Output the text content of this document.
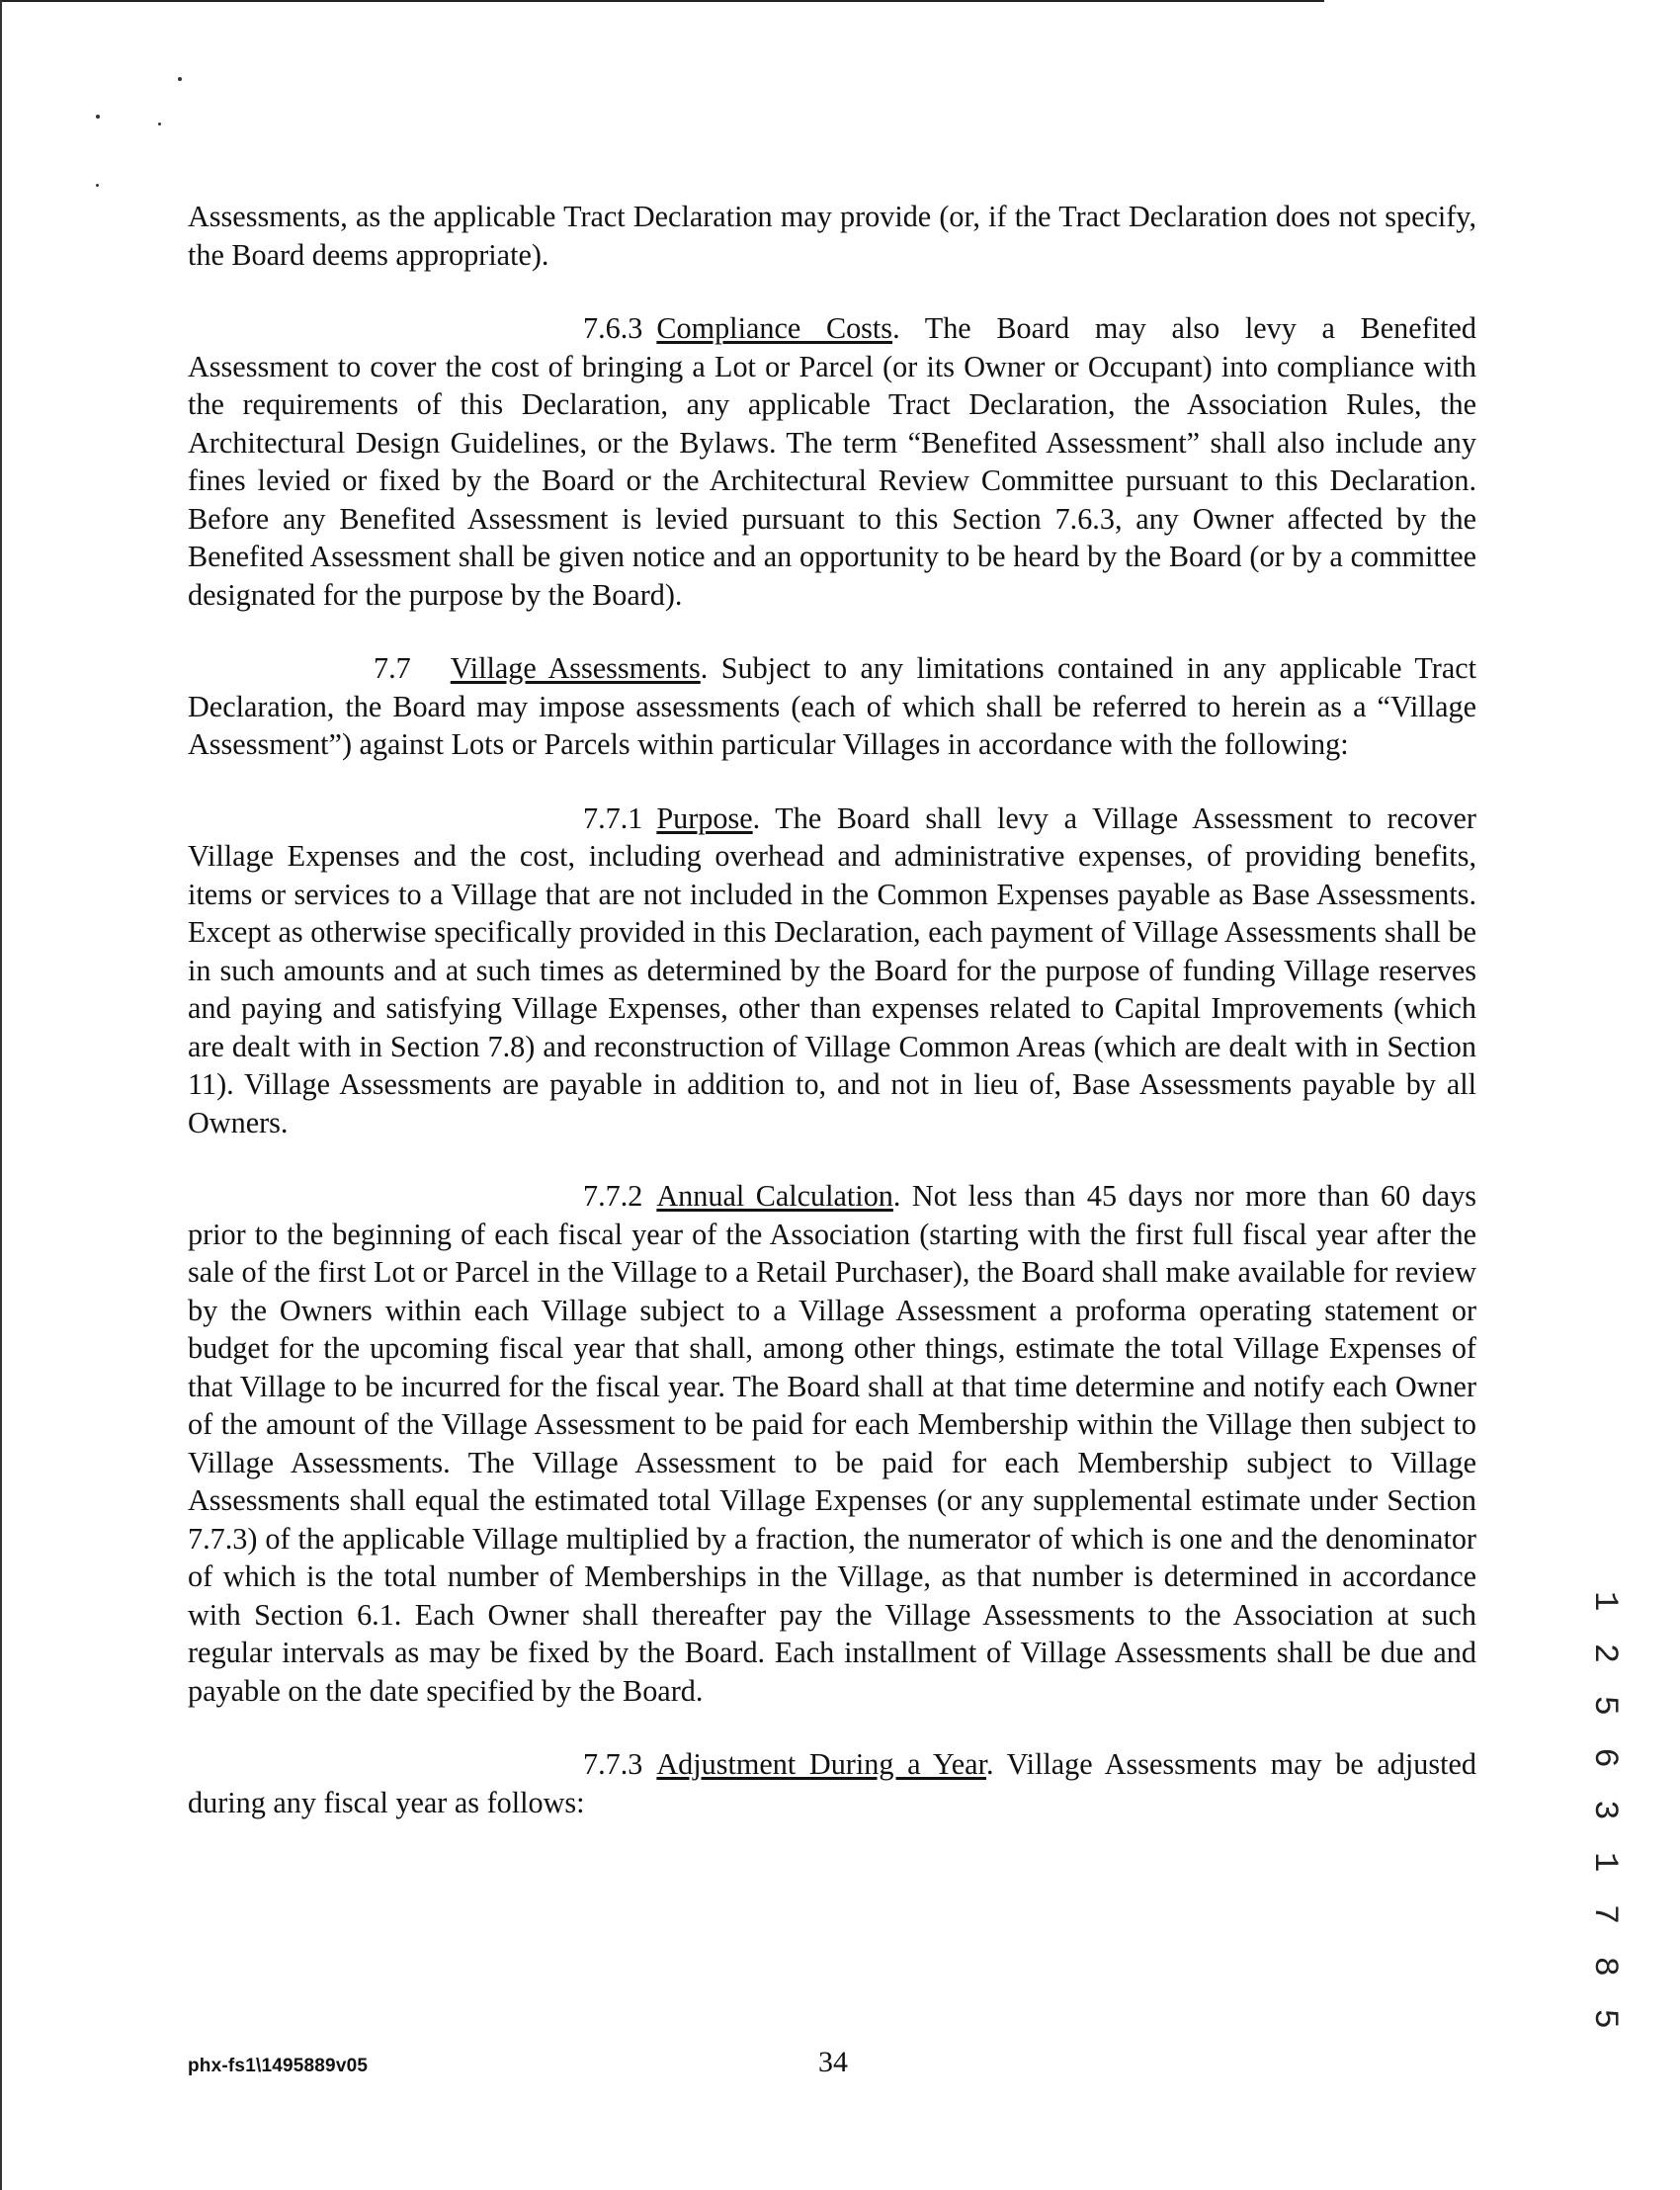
Assessments, as the applicable Tract Declaration may provide (or, if the Tract Declaration does not specify, the Board deems appropriate).

7.6.3 Compliance Costs. The Board may also levy a Benefited Assessment to cover the cost of bringing a Lot or Parcel (or its Owner or Occupant) into compliance with the requirements of this Declaration, any applicable Tract Declaration, the Association Rules, the Architectural Design Guidelines, or the Bylaws. The term “Benefited Assessment” shall also include any fines levied or fixed by the Board or the Architectural Review Committee pursuant to this Declaration. Before any Benefited Assessment is levied pursuant to this Section 7.6.3, any Owner affected by the Benefited Assessment shall be given notice and an opportunity to be heard by the Board (or by a committee designated for the purpose by the Board).

7.7 Village Assessments. Subject to any limitations contained in any applicable Tract Declaration, the Board may impose assessments (each of which shall be referred to herein as a “Village Assessment”) against Lots or Parcels within particular Villages in accordance with the following:

7.7.1 Purpose. The Board shall levy a Village Assessment to recover Village Expenses and the cost, including overhead and administrative expenses, of providing benefits, items or services to a Village that are not included in the Common Expenses payable as Base Assessments. Except as otherwise specifically provided in this Declaration, each payment of Village Assessments shall be in such amounts and at such times as determined by the Board for the purpose of funding Village reserves and paying and satisfying Village Expenses, other than expenses related to Capital Improvements (which are dealt with in Section 7.8) and reconstruction of Village Common Areas (which are dealt with in Section 11). Village Assessments are payable in addition to, and not in lieu of, Base Assessments payable by all Owners.

7.7.2 Annual Calculation. Not less than 45 days nor more than 60 days prior to the beginning of each fiscal year of the Association (starting with the first full fiscal year after the sale of the first Lot or Parcel in the Village to a Retail Purchaser), the Board shall make available for review by the Owners within each Village subject to a Village Assessment a proforma operating statement or budget for the upcoming fiscal year that shall, among other things, estimate the total Village Expenses of that Village to be incurred for the fiscal year. The Board shall at that time determine and notify each Owner of the amount of the Village Assessment to be paid for each Membership within the Village then subject to Village Assessments. The Village Assessment to be paid for each Membership subject to Village Assessments shall equal the estimated total Village Expenses (or any supplemental estimate under Section 7.7.3) of the applicable Village multiplied by a fraction, the numerator of which is one and the denominator of which is the total number of Memberships in the Village, as that number is determined in accordance with Section 6.1. Each Owner shall thereafter pay the Village Assessments to the Association at such regular intervals as may be fixed by the Board. Each installment of Village Assessments shall be due and payable on the date specified by the Board.

7.7.3 Adjustment During a Year. Village Assessments may be adjusted during any fiscal year as follows:	1 2 5 6 3 1 7 8 5
phx-fs1\1495889v05	34
